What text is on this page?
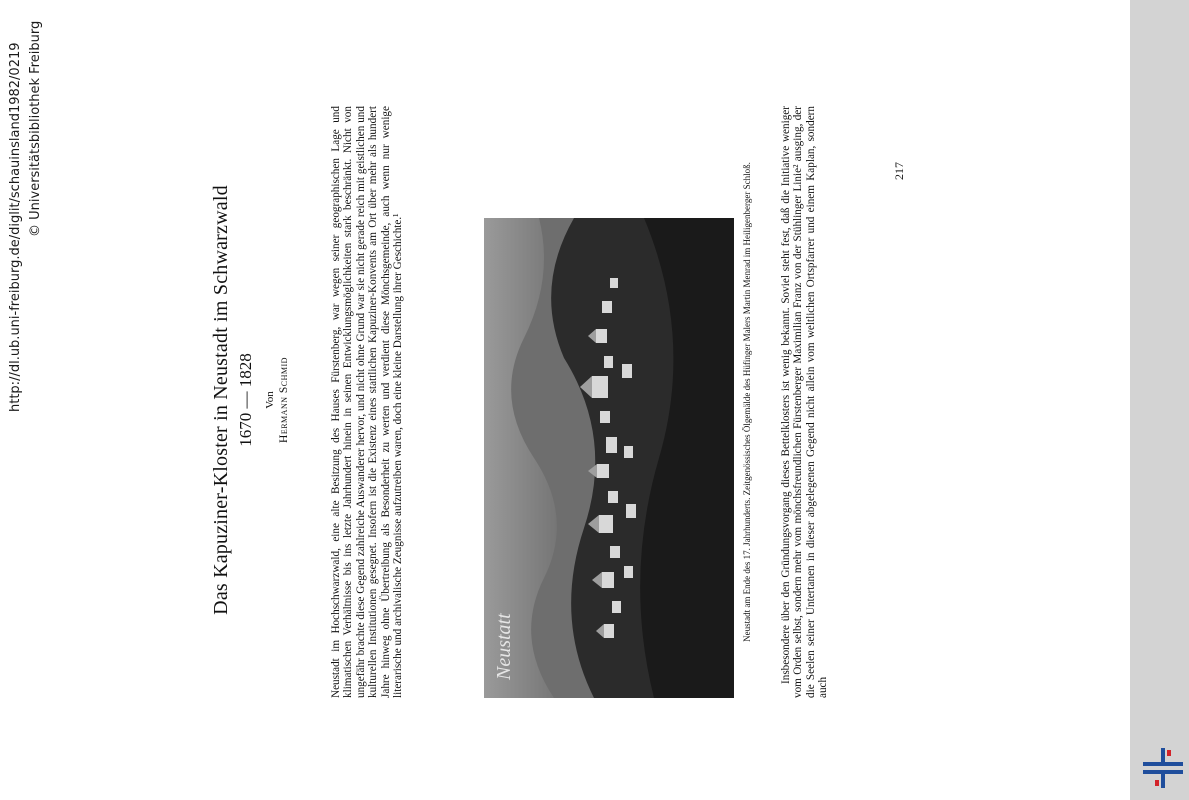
Das Kapuziner-Kloster in Neustadt im Schwarzwald 1670 — 1828 Von Hermann Schmid	Neustadt im Hochschwarzwald, eine alte Besitzung des Hauses Fürstenberg, war wegen seiner geographischen Lage und klimatischen Verhältnisse bis ins letzte Jahrhundert hinein in seinen Entwicklungsmöglichkeiten stark beschränkt. Nicht von ungefähr brachte diese Gegend zahlreiche Auswanderer hervor, und nicht ohne Grund war sie nicht gerade reich mit geistlichen und kulturellen Institutionen gesegnet. Insofern ist die Existenz eines stattlichen Kapuziner-Konvents am Ort über mehr als hundert Jahre hinweg ohne Übertreibung als Besonderheit zu werten und verdient diese Mönchsgemeinde, auch wenn nur wenige literarische und archivalische Zeugnisse aufzutreiben waren, doch eine kleine Darstellung ihrer Geschichte.¹	Neustatt
Neustadt am Ende des 17. Jahrhunderts. Zeitgenössisches Ölgemälde des Hüfinger Malers Martin Menrad im Heiligenberger Schloß.	Insbesondere über den Gründungsvorgang dieses Bettelklosters ist wenig bekannt. Soviel steht fest, daß die Initiative weniger vom Orden selbst, sondern mehr vom mönchsfreundlichen Fürstenberger Maximilian Franz von der Stühlinger Linie² ausging, der die Seelen seiner Untertanen in dieser abgelegenen Gegend nicht allein vom weltlichen Ortspfarrer und einem Kaplan, sondern auch
217
http://dl.ub.uni-freiburg.de/diglit/schauinsland1982/0219 © Universitätsbibliothek Freiburg
